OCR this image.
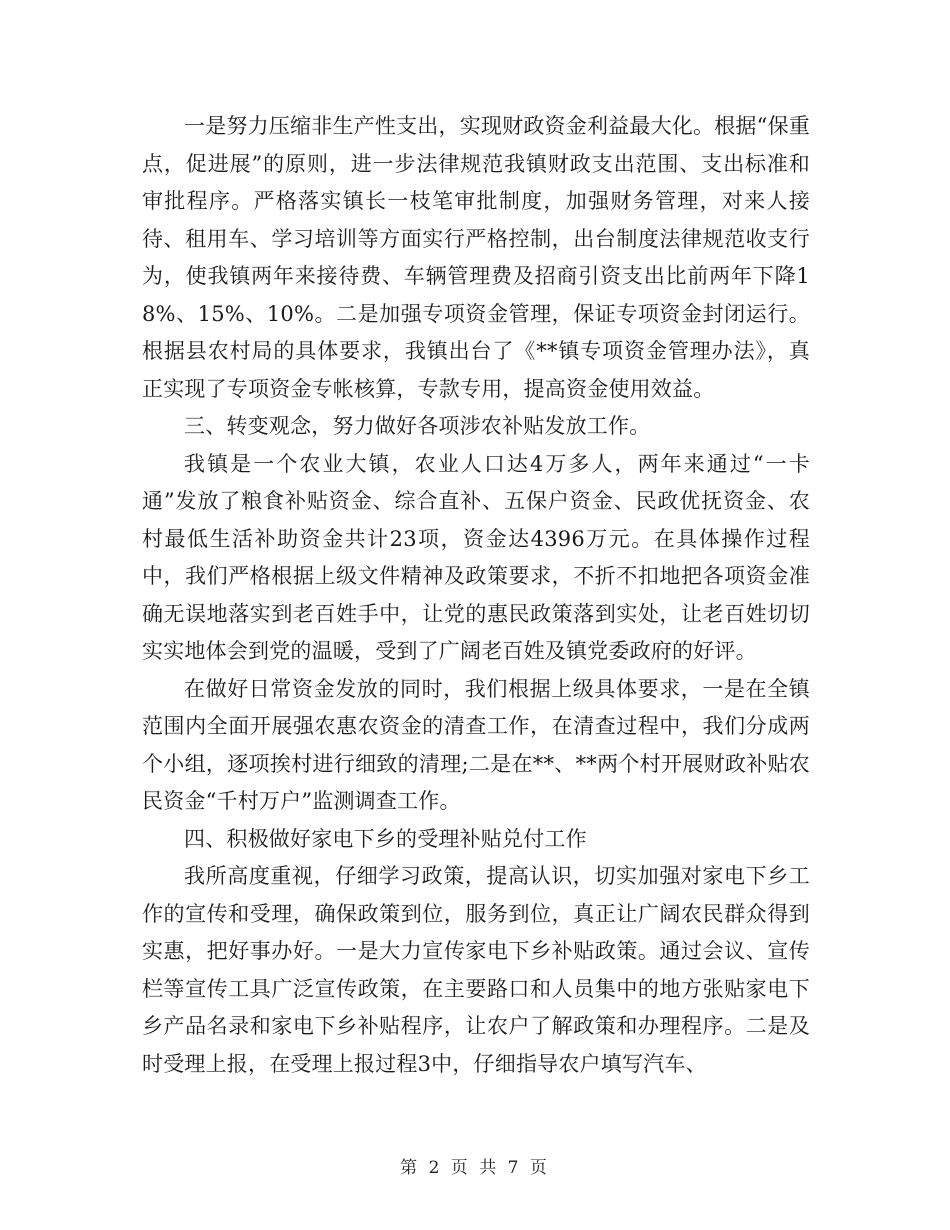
一是努力压缩非生产性支出，实现财政资金利益最大化。根据“保重点，促进展”的原则，进一步法律规范我镇财政支出范围、支出标准和审批程序。严格落实镇长一枝笔审批制度，加强财务管理，对来人接待、租用车、学习培训等方面实行严格控制，出台制度法律规范收支行为，使我镇两年来接待费、车辆管理费及招商引资支出比前两年下降18%、15%、10%。二是加强专项资金管理，保证专项资金封闭运行。根据县农村局的具体要求，我镇出台了《**镇专项资金管理办法》，真正实现了专项资金专帐核算，专款专用，提高资金使用效益。

三、转变观念，努力做好各项涉农补贴发放工作。

我镇是一个农业大镇，农业人口达4万多人，两年来通过“一卡通”发放了粮食补贴资金、综合直补、五保户资金、民政优抚资金、农村最低生活补助资金共计23项，资金达4396万元。在具体操作过程中，我们严格根据上级文件精神及政策要求，不折不扣地把各项资金准确无误地落实到老百姓手中，让党的惠民政策落到实处，让老百姓切切实实地体会到党的温暖，受到了广阔老百姓及镇党委政府的好评。

在做好日常资金发放的同时，我们根据上级具体要求，一是在全镇范围内全面开展强农惠农资金的清查工作，在清查过程中，我们分成两个小组，逐项挨村进行细致的清理;二是在**、**两个村开展财政补贴农民资金“千村万户”监测调查工作。

四、积极做好家电下乡的受理补贴兑付工作

我所高度重视，仔细学习政策，提高认识，切实加强对家电下乡工作的宣传和受理，确保政策到位，服务到位，真正让广阔农民群众得到实惠，把好事办好。一是大力宣传家电下乡补贴政策。通过会议、宣传栏等宣传工具广泛宣传政策，在主要路口和人员集中的地方张贴家电下乡产品名录和家电下乡补贴程序，让农户了解政策和办理程序。二是及时受理上报，在受理上报过程3中，仔细指导农户填写汽车、

第 2 页 共 7 页
